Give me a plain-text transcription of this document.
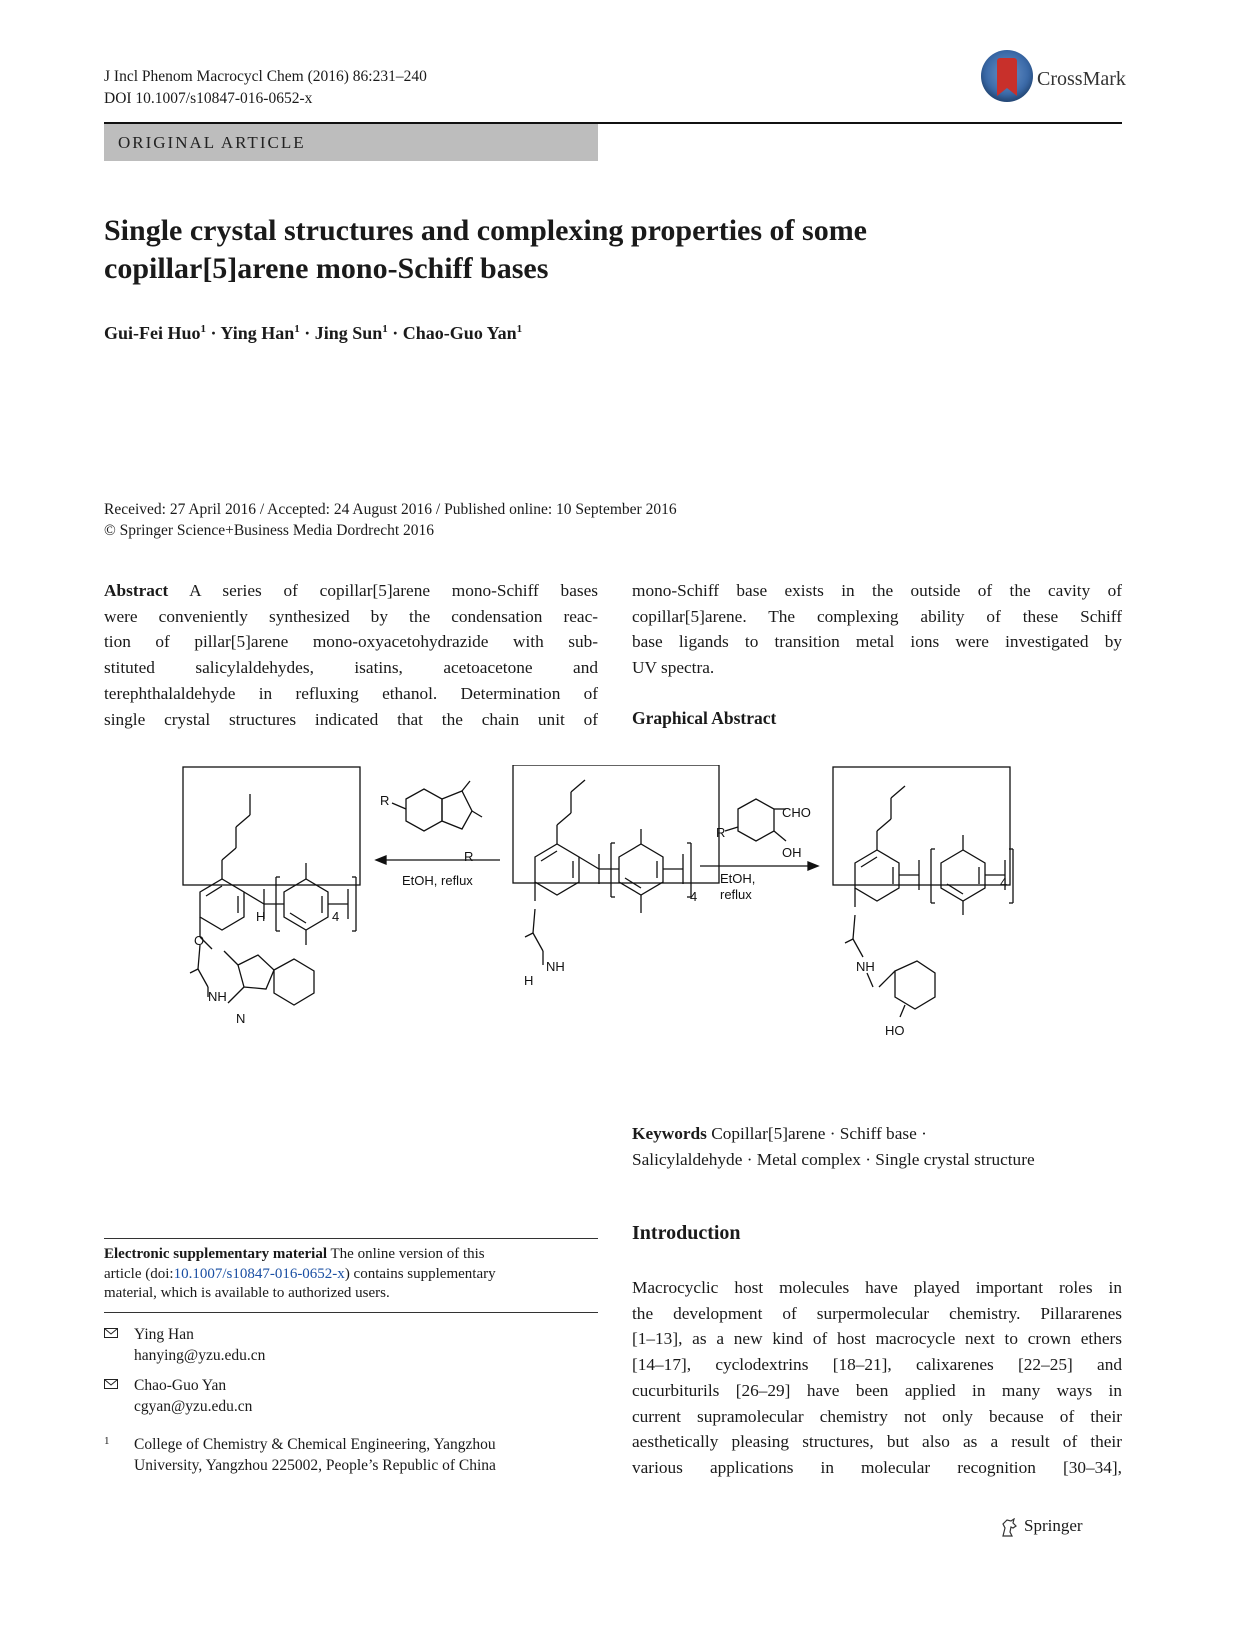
J Incl Phenom Macrocycl Chem (2016) 86:231–240
DOI 10.1007/s10847-016-0652-x
CrossMark
ORIGINAL ARTICLE
Single crystal structures and complexing properties of some
copillar[5]arene mono-Schiff bases
Gui-Fei Huo$^1$ · Ying Han$^1$ · Jing Sun$^1$ · Chao-Guo Yan$^1$
Received: 27 April 2016 / Accepted: 24 August 2016 / Published online: 10 September 2016
© Springer Science+Business Media Dordrecht 2016
Abstract A series of copillar[5]arene mono-Schiff bases
were conveniently synthesized by the condensation reac-
tion of pillar[5]arene mono-oxyacetohydrazide with sub-
stituted salicylaldehydes, isatins, acetoacetone and
terephthalaldehyde in refluxing ethanol. Determination of
single crystal structures indicated that the chain unit of
mono-Schiff base exists in the outside of the cavity of
copillar[5]arene. The complexing ability of these Schiff
base ligands to transition metal ions were investigated by
UV spectra.
Graphical Abstract
EtOH, reflux	EtOH,
reflux
CHO
OH
R
R
R
H	4
4
4
O
NH
NH
H
NH
HO
N
Keywords Copillar[5]arene · Schiff base ·
Salicylaldehyde · Metal complex · Single crystal structure
Introduction
Macrocyclic host molecules have played important roles in
the development of surpermolecular chemistry. Pillararenes
[1–13], as a new kind of host macrocycle next to crown ethers
[14–17], cyclodextrins [18–21], calixarenes [22–25] and
cucurbiturils [26–29] have been applied in many ways in
current supramolecular chemistry not only because of their
aesthetically pleasing structures, but also as a result of their
various applications in molecular recognition [30–34],
Electronic supplementary material The online version of this
article (doi:10.1007/s10847-016-0652-x) contains supplementary
material, which is available to authorized users.
Ying Han
hanying@yzu.edu.cn
Chao-Guo Yan
cgyan@yzu.edu.cn
1 College of Chemistry & Chemical Engineering, Yangzhou
University, Yangzhou 225002, People’s Republic of China
Springer
